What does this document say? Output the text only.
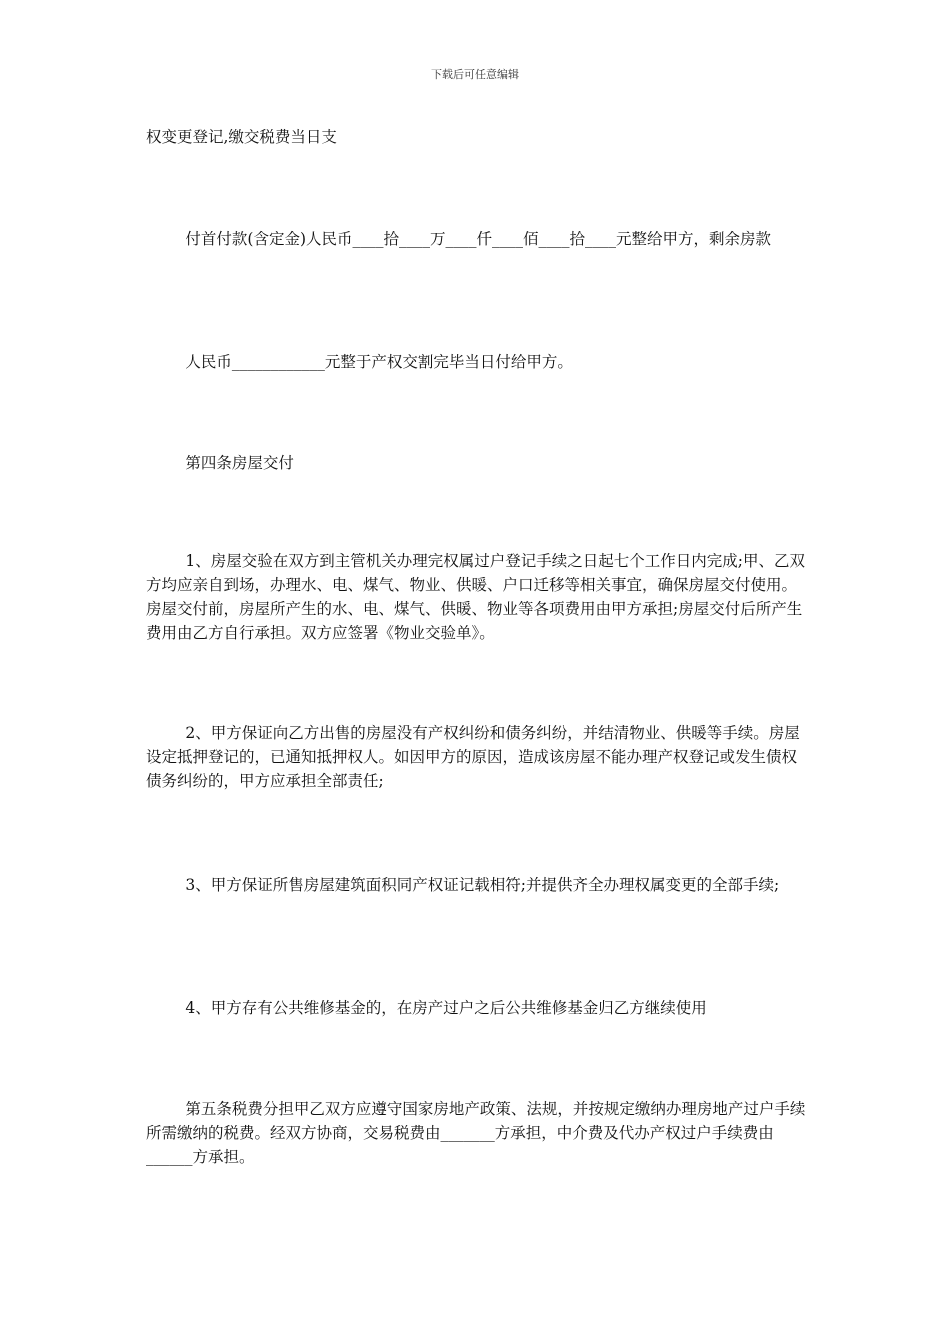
下载后可任意编辑

权变更登记,缴交税费当日支

付首付款(含定金)人民币____拾____万____仟____佰____拾____元整给甲方，剩余房款

人民币____________元整于产权交割完毕当日付给甲方。

第四条房屋交付

1、房屋交验在双方到主管机关办理完权属过户登记手续之日起七个工作日内完成;甲、乙双方均应亲自到场，办理水、电、煤气、物业、供暖、户口迁移等相关事宜，确保房屋交付使用。房屋交付前，房屋所产生的水、电、煤气、供暖、物业等各项费用由甲方承担;房屋交付后所产生费用由乙方自行承担。双方应签署《物业交验单》。

2、甲方保证向乙方出售的房屋没有产权纠纷和债务纠纷，并结清物业、供暖等手续。房屋设定抵押登记的，已通知抵押权人。如因甲方的原因，造成该房屋不能办理产权登记或发生债权债务纠纷的，甲方应承担全部责任;

3、甲方保证所售房屋建筑面积同产权证记载相符;并提供齐全办理权属变更的全部手续;

4、甲方存有公共维修基金的，在房产过户之后公共维修基金归乙方继续使用

第五条税费分担甲乙双方应遵守国家房地产政策、法规，并按规定缴纳办理房地产过户手续所需缴纳的税费。经双方协商，交易税费由_______方承担，中介费及代办产权过户手续费由______方承担。
